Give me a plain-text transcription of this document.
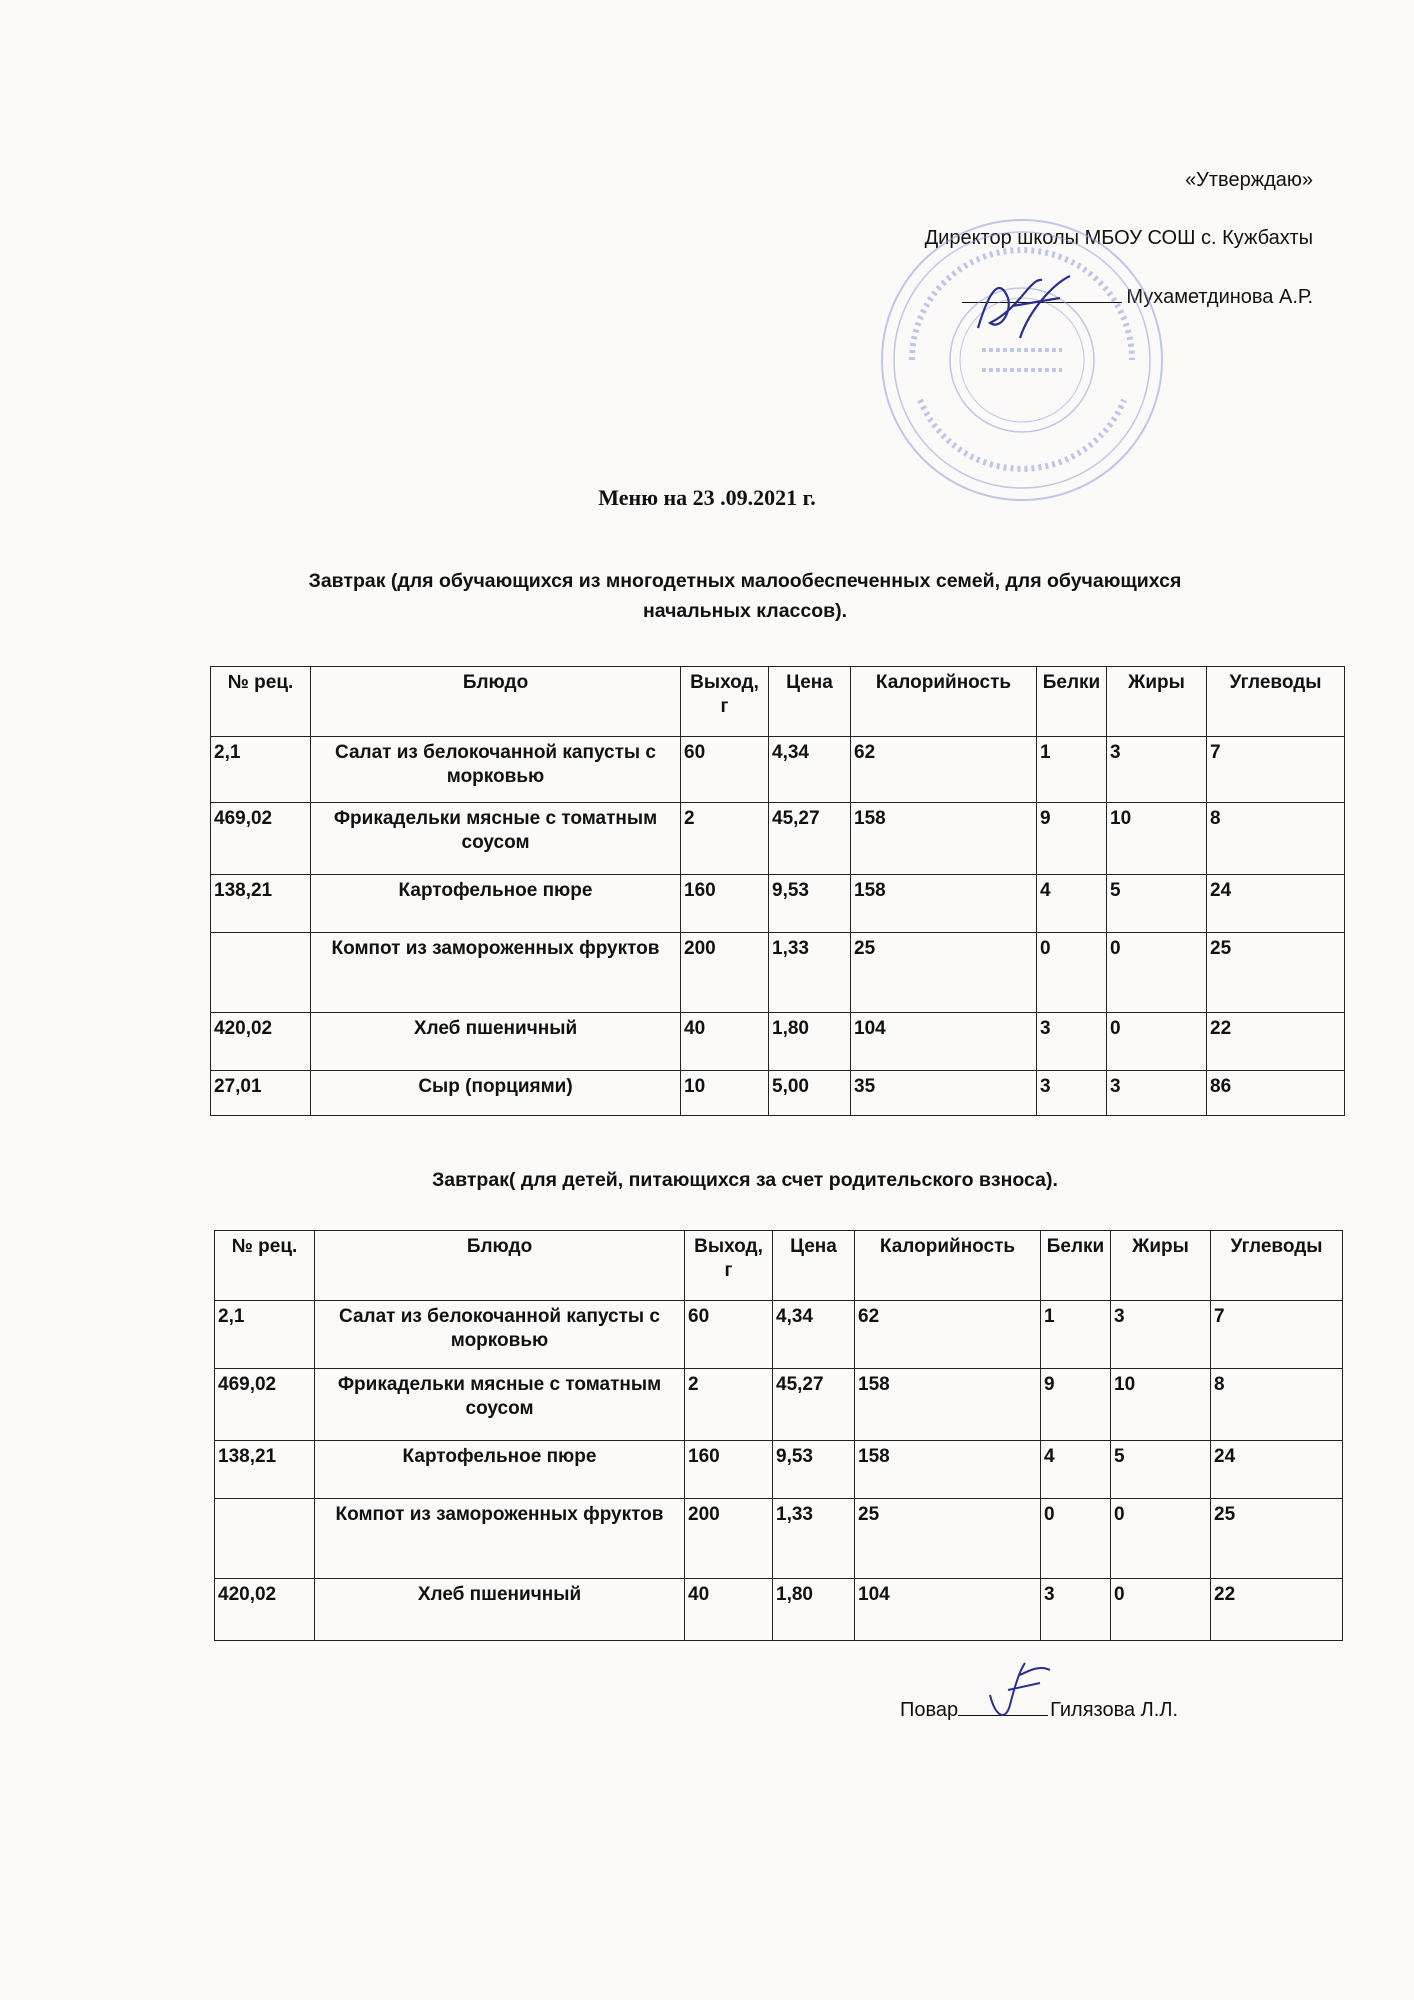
«Утверждаю»
Директор школы МБОУ СОШ с. Кужбахты
Мухаметдинова А.Р.
Меню на 23 .09.2021 г.
Завтрак (для обучающихся из многодетных малообеспеченных семей, для обучающихся
начальных классов).
№ рец.	Блюдо	Выход, г	Цена	Калорийность	Белки	Жиры	Углеводы
2,1	Салат из белокочанной капусты с морковью	60	4,34	62	1	3	7
469,02	Фрикадельки мясные с томатным соусом	2	45,27	158	9	10	8
138,21	Картофельное пюре	160	9,53	158	4	5	24
	Компот из замороженных фруктов	200	1,33	25	0	0	25
420,02	Хлеб пшеничный	40	1,80	104	3	0	22
27,01	Сыр (порциями)	10	5,00	35	3	3	86
Завтрак( для детей, питающихся за счет родительского взноса).
№ рец.	Блюдо	Выход, г	Цена	Калорийность	Белки	Жиры	Углеводы
2,1	Салат из белокочанной капусты с морковью	60	4,34	62	1	3	7
469,02	Фрикадельки мясные с томатным соусом	2	45,27	158	9	10	8
138,21	Картофельное пюре	160	9,53	158	4	5	24
	Компот из замороженных фруктов	200	1,33	25	0	0	25
420,02	Хлеб пшеничный	40	1,80	104	3	0	22
Повар	Гилязова Л.Л.
